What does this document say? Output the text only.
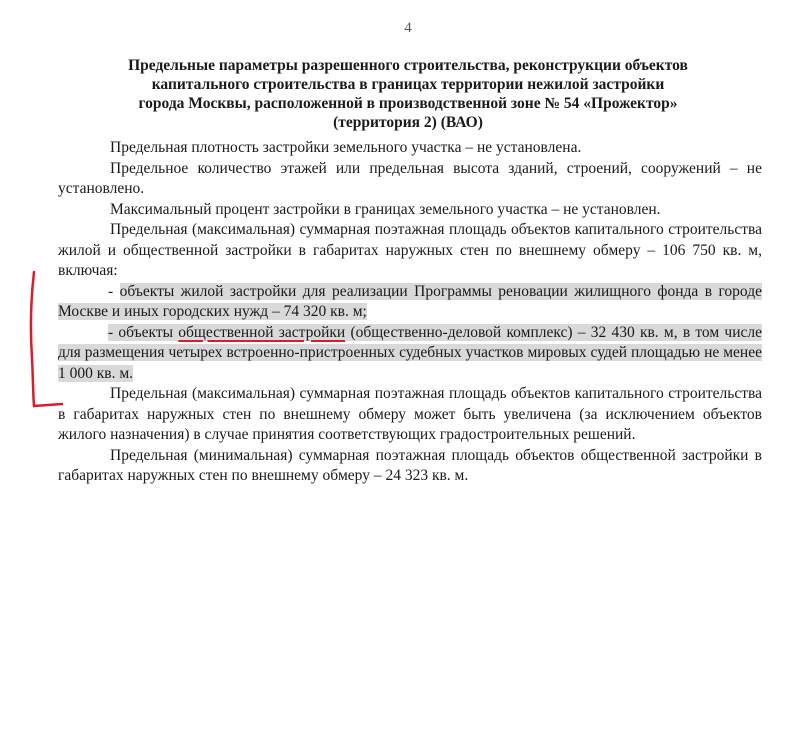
4
Предельные параметры разрешенного строительства, реконструкции объектов
капитального строительства в границах территории нежилой застройки
города Москвы, расположенной в производственной зоне № 54 «Прожектор»
(территория 2) (ВАО)

Предельная плотность застройки земельного участка – не установлена.

Предельное количество этажей или предельная высота зданий, строений, сооружений – не установлено.

Максимальный процент застройки в границах земельного участка – не установлен.

Предельная (максимальная) суммарная поэтажная площадь объектов капитального строительства жилой и общественной застройки в габаритах наружных стен по внешнему обмеру – 106 750 кв. м, включая:

- объекты жилой застройки для реализации Программы реновации жилищного фонда в городе Москве и иных городских нужд – 74 320 кв. м;

- объекты общественной застройки (общественно-деловой комплекс) – 32 430 кв. м, в том числе для размещения четырех встроенно-пристроенных судебных участков мировых судей площадью не менее 1 000 кв. м.

Предельная (максимальная) суммарная поэтажная площадь объектов капитального строительства в габаритах наружных стен по внешнему обмеру может быть увеличена (за исключением объектов жилого назначения) в случае принятия соответствующих градостроительных решений.

Предельная (минимальная) суммарная поэтажная площадь объектов общественной застройки в габаритах наружных стен по внешнему обмеру – 24 323 кв. м.
